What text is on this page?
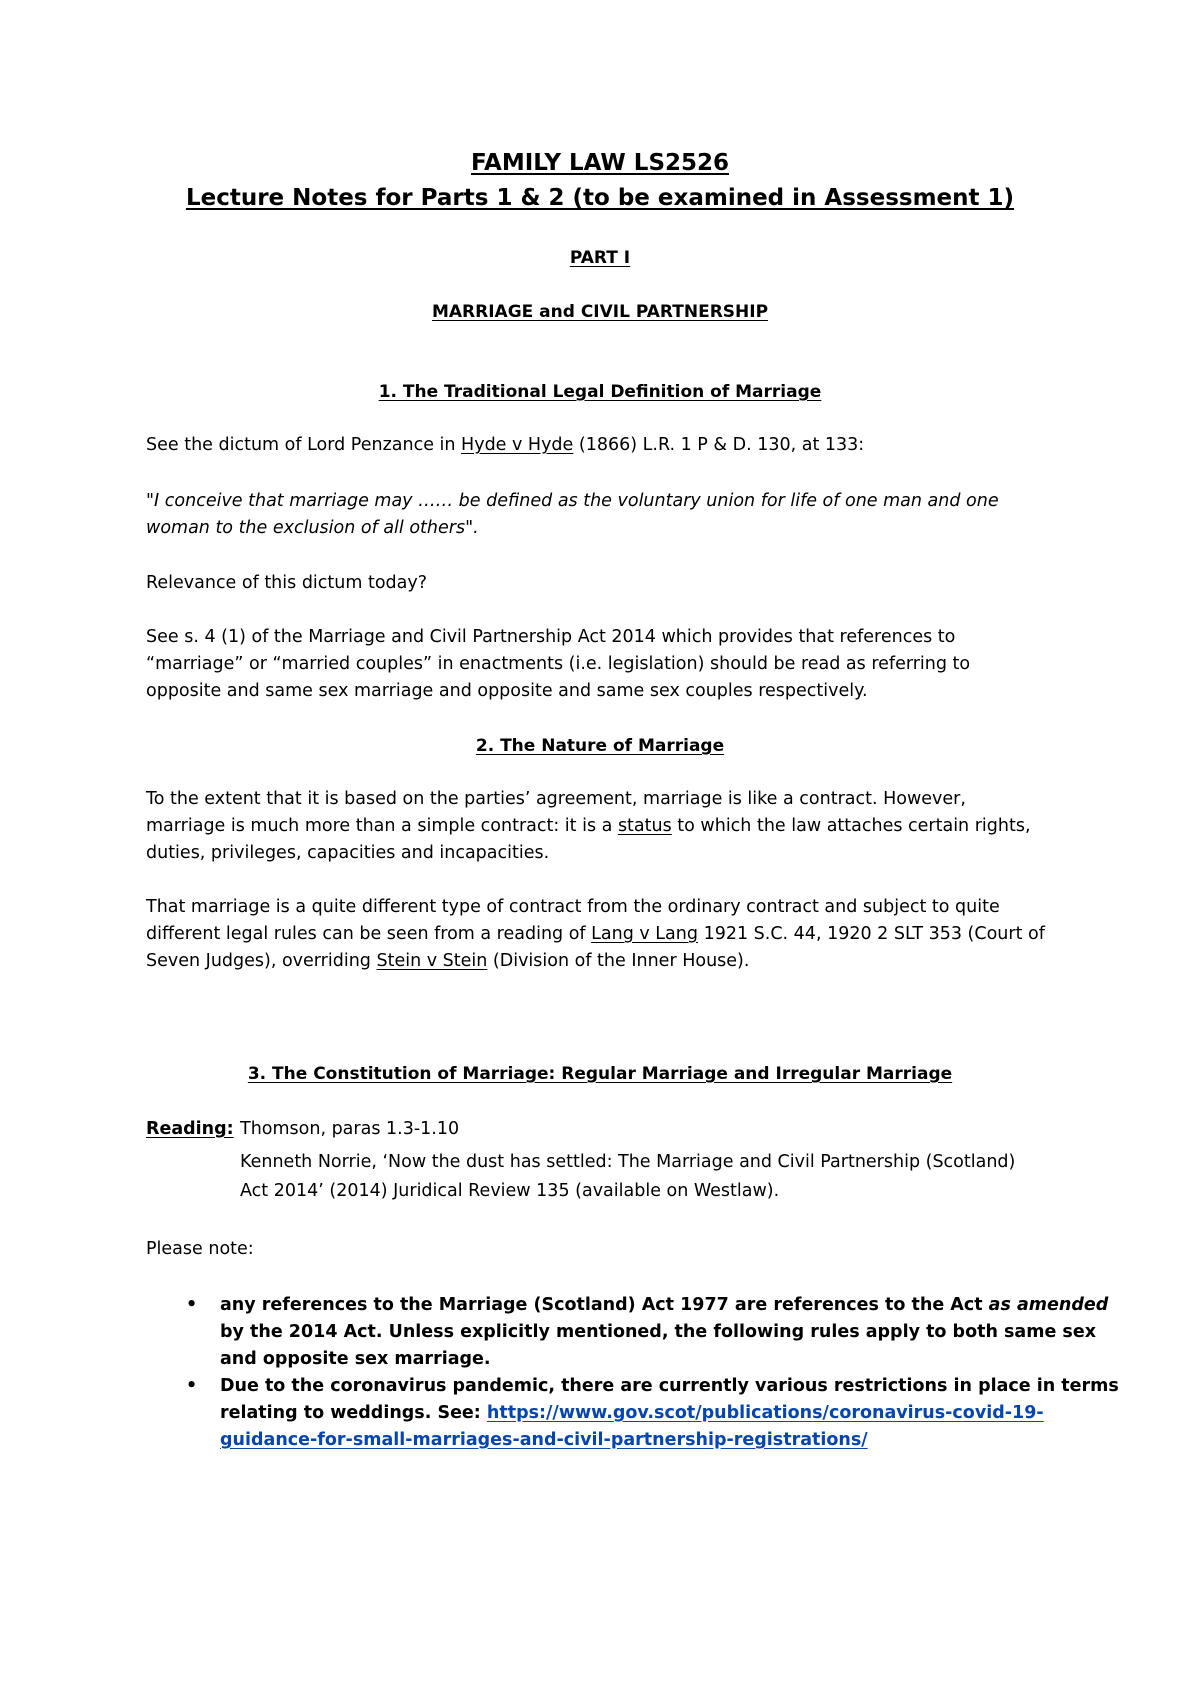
FAMILY LAW LS2526
Lecture Notes for Parts 1 & 2 (to be examined in Assessment 1)
PART I
MARRIAGE and CIVIL PARTNERSHIP
1. The Traditional Legal Definition of Marriage
See the dictum of Lord Penzance in Hyde v Hyde (1866) L.R. 1 P & D. 130, at 133:
"I conceive that marriage may …… be defined as the voluntary union for life of one man and one
woman to the exclusion of all others".
Relevance of this dictum today?
See s. 4 (1) of the Marriage and Civil Partnership Act 2014 which provides that references to
“marriage” or “married couples” in enactments (i.e. legislation) should be read as referring to
opposite and same sex marriage and opposite and same sex couples respectively.
2. The Nature of Marriage
To the extent that it is based on the parties’ agreement, marriage is like a contract. However,
marriage is much more than a simple contract: it is a status to which the law attaches certain rights,
duties, privileges, capacities and incapacities.
That marriage is a quite different type of contract from the ordinary contract and subject to quite
different legal rules can be seen from a reading of Lang v Lang 1921 S.C. 44, 1920 2 SLT 353 (Court of
Seven Judges), overriding Stein v Stein (Division of the Inner House).
3. The Constitution of Marriage: Regular Marriage and Irregular Marriage
Reading: Thomson, paras 1.3-1.10
Kenneth Norrie, ‘Now the dust has settled: The Marriage and Civil Partnership (Scotland)
Act 2014’ (2014) Juridical Review 135 (available on Westlaw).
Please note:
• any references to the Marriage (Scotland) Act 1977 are references to the Act as amended
by the 2014 Act. Unless explicitly mentioned, the following rules apply to both same sex
and opposite sex marriage.
• Due to the coronavirus pandemic, there are currently various restrictions in place in terms
relating to weddings. See: https://www.gov.scot/publications/coronavirus-covid-19-
guidance-for-small-marriages-and-civil-partnership-registrations/
